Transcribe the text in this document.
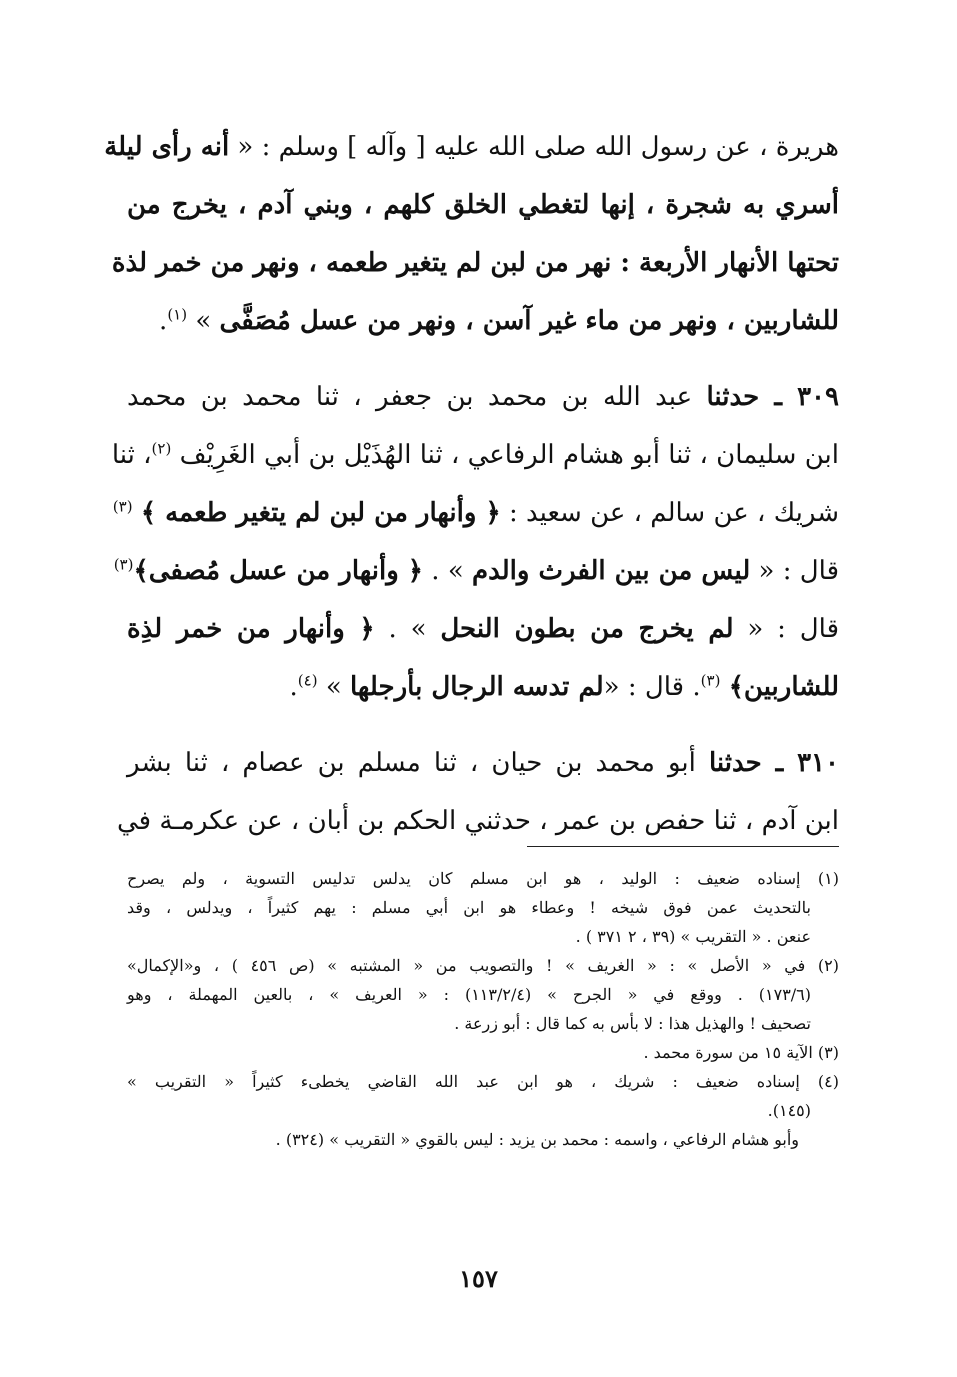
هريرة ، عن رسول الله صلى الله عليه [ وآله ] وسلم : « أنه رأى ليلة
أسري به شجرة ، إنها لتغطي الخلق كلهم ، وبني آدم ، يخرج من
تحتها الأنهار الأربعة : نهر من لبن لم يتغير طعمه ، ونهر من خمر لذة
للشاربين ، ونهر من ماء غير آسن ، ونهر من عسل مُصَفَّى » $^{(١)}$.
٣٠٩ ـ حدثنا عبد الله بن محمد بن جعفر ، ثنا محمد بن محمد
ابن سليمان ، ثنا أبو هشام الرفاعي ، ثنا الهُذَيْل بن أبي الغَرِيْف $^{(٢)}$، ثنا
شريك ، عن سالم ، عن سعيد : ﴿ وأنهار من لبن لم يتغير طعمه ﴾ $^{(٣)}$
قال : « ليس من بين الفرث والدم » . ﴿ وأنهار من عسل مُصفى﴾$^{(٣)}$
قال : « لم يخرج من بطون النحل » . ﴿ وأنهار من خمر لذِة
للشاربين﴾ $^{(٣)}$. قال : «لم تدسه الرجال بأرجلها » $^{(٤)}$.
٣١٠ ـ حدثنا أبو محمد بن حيان ، ثنا مسلم بن عصام ، ثنا بشر
ابن آدم ، ثنا حفص بن عمر ، حدثني الحكم بن أبان ، عن عكرمـة في
(١) إسناده ضعيف : الوليد ، هو ابن مسلم كان يدلس تدليس التسوية ، ولم يصرح
بالتحديث عمن فوق شيخه ! وعطاء هو ابن أبي مسلم : يهم كثيراً ، ويدلس ، وقد
عنعن . « التقريب » (٣٩ ، ٢ ٣٧١ ) .
(٢) في « الأصل » : « الغريف » ! والتصويب من « المشتبه » (ص ٤٥٦ ) ، و«الإكمال»
(١٧٣/٦) . ووقع في « الجرح » (١١٣/٢/٤) : « العريف » ، بالعين المهملة ، وهو
تصحيف ! والهذيل هذا : لا بأس به كما قال : أبو زرعة .
(٣) الآية ١٥ من سورة محمد .
(٤) إسناده ضعيف : شريك ، هو ابن عبد الله القاضي يخطىء كثيراً « التقريب »
(١٤٥).
وأبو هشام الرفاعي ، واسمه : محمد بن يزيد : ليس بالقوي « التقريب » (٣٢٤) .
١٥٧
